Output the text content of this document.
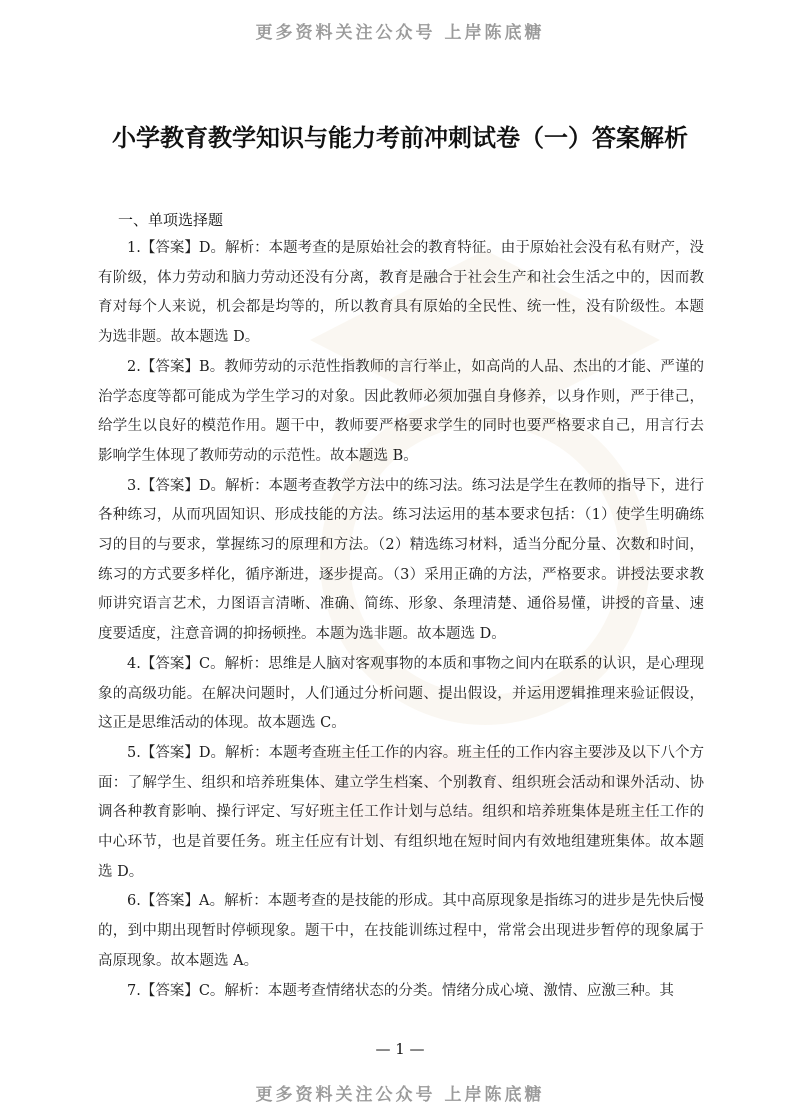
更多资料关注公众号 上岸陈底糖
小学教育教学知识与能力考前冲刺试卷（一）答案解析
一、单项选择题

1.【答案】D。解析：本题考查的是原始社会的教育特征。由于原始社会没有私有财产，没有阶级，体力劳动和脑力劳动还没有分离，教育是融合于社会生产和社会生活之中的，因而教育对每个人来说，机会都是均等的，所以教育具有原始的全民性、统一性，没有阶级性。本题为选非题。故本题选 D。

2.【答案】B。教师劳动的示范性指教师的言行举止，如高尚的人品、杰出的才能、严谨的治学态度等都可能成为学生学习的对象。因此教师必须加强自身修养，以身作则，严于律己，给学生以良好的模范作用。题干中，教师要严格要求学生的同时也要严格要求自己，用言行去影响学生体现了教师劳动的示范性。故本题选 B。

3.【答案】D。解析：本题考查教学方法中的练习法。练习法是学生在教师的指导下，进行各种练习，从而巩固知识、形成技能的方法。练习法运用的基本要求包括：（1）使学生明确练习的目的与要求，掌握练习的原理和方法。（2）精选练习材料，适当分配分量、次数和时间，练习的方式要多样化，循序渐进，逐步提高。（3）采用正确的方法，严格要求。讲授法要求教师讲究语言艺术，力图语言清晰、准确、简练、形象、条理清楚、通俗易懂，讲授的音量、速度要适度，注意音调的抑扬顿挫。本题为选非题。故本题选 D。

4.【答案】C。解析：思维是人脑对客观事物的本质和事物之间内在联系的认识，是心理现象的高级功能。在解决问题时，人们通过分析问题、提出假设，并运用逻辑推理来验证假设，这正是思维活动的体现。故本题选 C。

5.【答案】D。解析：本题考查班主任工作的内容。班主任的工作内容主要涉及以下八个方面：了解学生、组织和培养班集体、建立学生档案、个别教育、组织班会活动和课外活动、协调各种教育影响、操行评定、写好班主任工作计划与总结。组织和培养班集体是班主任工作的中心环节，也是首要任务。班主任应有计划、有组织地在短时间内有效地组建班集体。故本题选 D。

6.【答案】A。解析：本题考查的是技能的形成。其中高原现象是指练习的进步是先快后慢的，到中期出现暂时停顿现象。题干中，在技能训练过程中，常常会出现进步暂停的现象属于高原现象。故本题选 A。

7.【答案】C。解析：本题考查情绪状态的分类。情绪分成心境、激情、应激三种。其

— 1 —
更多资料关注公众号 上岸陈底糖
